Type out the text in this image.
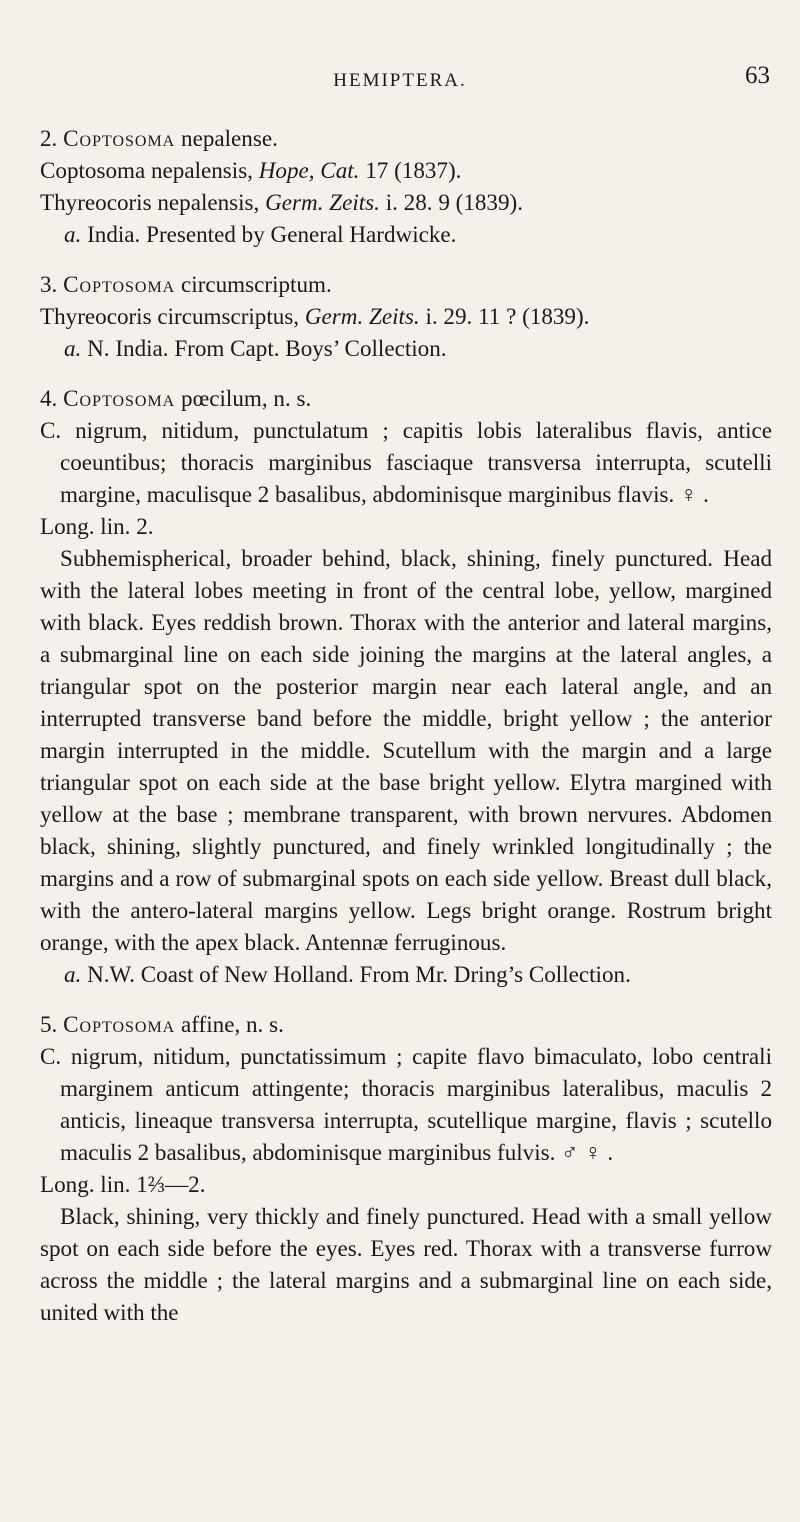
HEMIPTERA.	63

2. Coptosoma nepalense.

Coptosoma nepalensis, Hope, Cat. 17 (1837).

Thyreocoris nepalensis, Germ. Zeits. i. 28. 9 (1839).

a. India. Presented by General Hardwicke.

3. Coptosoma circumscriptum.

Thyreocoris circumscriptus, Germ. Zeits. i. 29. 11 ? (1839).

a. N. India. From Capt. Boys’ Collection.

4. Coptosoma pœcilum, n. s.

C. nigrum, nitidum, punctulatum ; capitis lobis lateralibus flavis, antice coeuntibus; thoracis marginibus fasciaque transversa interrupta, scutelli margine, maculisque 2 basalibus, abdominisque marginibus flavis. ♀ .

Long. lin. 2.

Subhemispherical, broader behind, black, shining, finely punctured. Head with the lateral lobes meeting in front of the central lobe, yellow, margined with black. Eyes reddish brown. Thorax with the anterior and lateral margins, a submarginal line on each side joining the margins at the lateral angles, a triangular spot on the posterior margin near each lateral angle, and an interrupted transverse band before the middle, bright yellow ; the anterior margin interrupted in the middle. Scutellum with the margin and a large triangular spot on each side at the base bright yellow. Elytra margined with yellow at the base ; membrane transparent, with brown nervures. Abdomen black, shining, slightly punctured, and finely wrinkled longitudinally ; the margins and a row of submarginal spots on each side yellow. Breast dull black, with the antero-lateral margins yellow. Legs bright orange. Rostrum bright orange, with the apex black. Antennæ ferruginous.

a. N.W. Coast of New Holland. From Mr. Dring’s Collection.

5. Coptosoma affine, n. s.

C. nigrum, nitidum, punctatissimum ; capite flavo bimaculato, lobo centrali marginem anticum attingente; thoracis marginibus lateralibus, maculis 2 anticis, lineaque transversa interrupta, scutellique margine, flavis ; scutello maculis 2 basalibus, abdominisque marginibus fulvis. ♂ ♀ .

Long. lin. 1⅔—2.

Black, shining, very thickly and finely punctured. Head with a small yellow spot on each side before the eyes. Eyes red. Thorax with a transverse furrow across the middle ; the lateral margins and a submarginal line on each side, united with the
